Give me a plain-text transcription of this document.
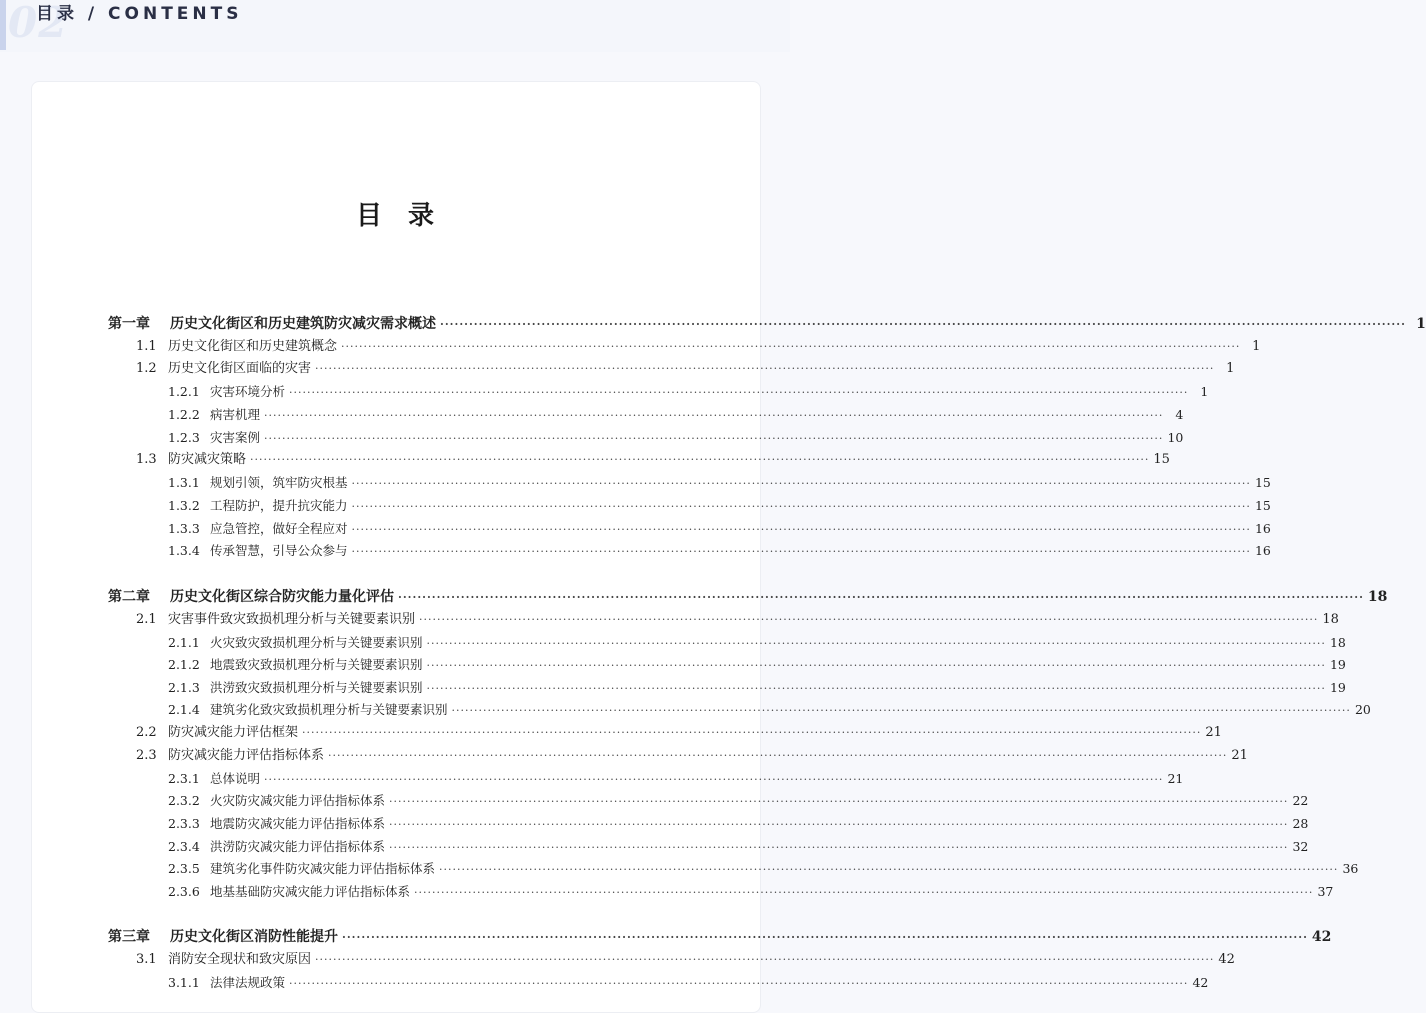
02
目录 / CONTENTS
目录
第一章	历史文化街区和历史建筑防灾减灾需求概述 ········································································································································································································ 1
1.1 历史文化街区和历史建筑概念 ········································································································································································································ 1
1.2 历史文化街区面临的灾害 ········································································································································································································ 1
1.2.1 灾害环境分析 ········································································································································································································ 1
1.2.2 病害机理 ········································································································································································································ 4
1.2.3 灾害案例 ········································································································································································································ 10
1.3 防灾减灾策略 ········································································································································································································ 15
1.3.1 规划引领，筑牢防灾根基 ········································································································································································································ 15
1.3.2 工程防护，提升抗灾能力 ········································································································································································································ 15
1.3.3 应急管控，做好全程应对 ········································································································································································································ 16
1.3.4 传承智慧，引导公众参与 ········································································································································································································ 16
第二章	历史文化街区综合防灾能力量化评估 ········································································································································································································ 18
2.1 灾害事件致灾致损机理分析与关键要素识别 ········································································································································································································ 18
2.1.1 火灾致灾致损机理分析与关键要素识别 ········································································································································································································ 18
2.1.2 地震致灾致损机理分析与关键要素识别 ········································································································································································································ 19
2.1.3 洪涝致灾致损机理分析与关键要素识别 ········································································································································································································ 19
2.1.4 建筑劣化致灾致损机理分析与关键要素识别 ········································································································································································································ 20
2.2 防灾减灾能力评估框架 ········································································································································································································ 21
2.3 防灾减灾能力评估指标体系 ········································································································································································································ 21
2.3.1 总体说明 ········································································································································································································ 21
2.3.2 火灾防灾减灾能力评估指标体系 ········································································································································································································ 22
2.3.3 地震防灾减灾能力评估指标体系 ········································································································································································································ 28
2.3.4 洪涝防灾减灾能力评估指标体系 ········································································································································································································ 32
2.3.5 建筑劣化事件防灾减灾能力评估指标体系 ········································································································································································································ 36
2.3.6 地基基础防灾减灾能力评估指标体系 ········································································································································································································ 37
第三章	历史文化街区消防性能提升 ········································································································································································································ 42
3.1 消防安全现状和致灾原因 ········································································································································································································ 42
3.1.1 法律法规政策 ········································································································································································································ 42
